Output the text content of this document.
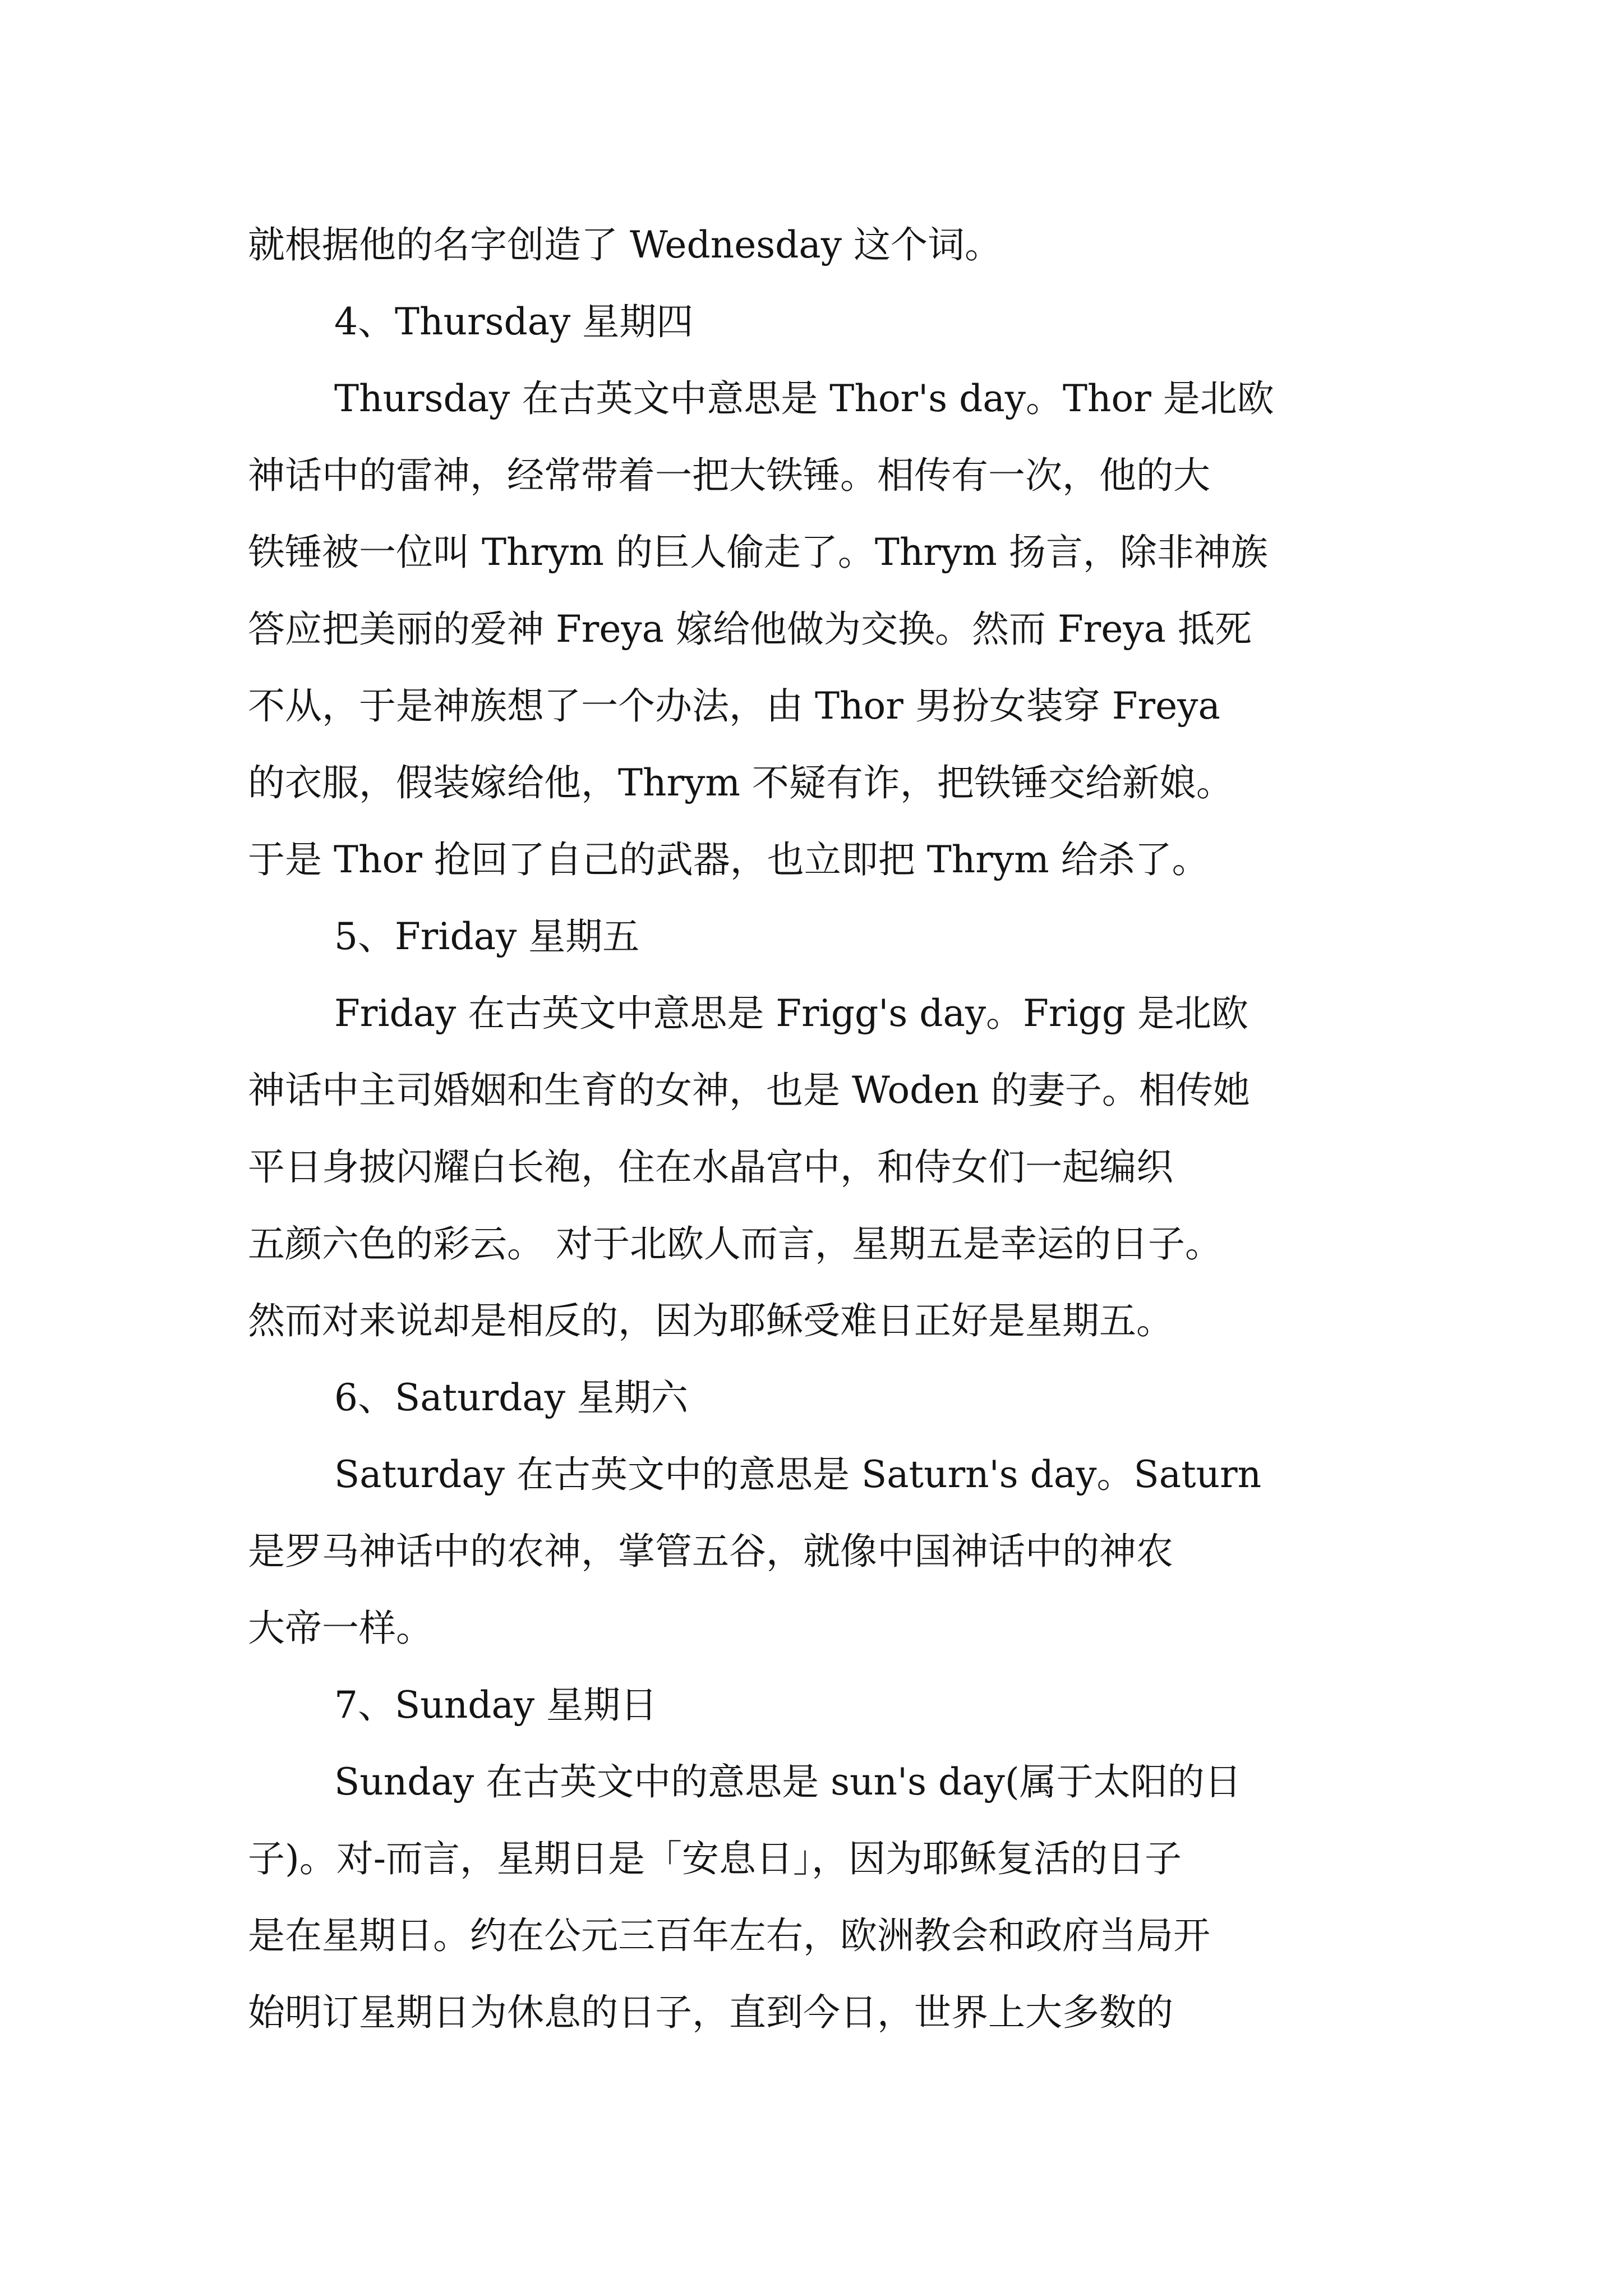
就根据他的名字创造了 Wednesday 这个词。
4、Thursday 星期四
Thursday 在古英文中意思是 Thor's day。Thor 是北欧
神话中的雷神，经常带着一把大铁锤。相传有一次，他的大
铁锤被一位叫 Thrym 的巨人偷走了。Thrym 扬言，除非神族
答应把美丽的爱神 Freya 嫁给他做为交换。然而 Freya 抵死
不从，于是神族想了一个办法，由 Thor 男扮女装穿 Freya
的衣服，假装嫁给他，Thrym 不疑有诈，把铁锤交给新娘。
于是 Thor 抢回了自己的武器，也立即把 Thrym 给杀了。
5、Friday 星期五
Friday 在古英文中意思是 Frigg's day。Frigg 是北欧
神话中主司婚姻和生育的女神，也是 Woden 的妻子。相传她
平日身披闪耀白长袍，住在水晶宫中，和侍女们一起编织
五颜六色的彩云。 对于北欧人而言，星期五是幸运的日子。
然而对来说却是相反的，因为耶稣受难日正好是星期五。
6、Saturday 星期六
Saturday 在古英文中的意思是 Saturn's day。Saturn
是罗马神话中的农神，掌管五谷，就像中国神话中的神农
大帝一样。
7、Sunday 星期日
Sunday 在古英文中的意思是 sun's day(属于太阳的日
子)。对-而言，星期日是「安息日」，因为耶稣复活的日子
是在星期日。约在公元三百年左右，欧洲教会和政府当局开
始明订星期日为休息的日子，直到今日，世界上大多数的
